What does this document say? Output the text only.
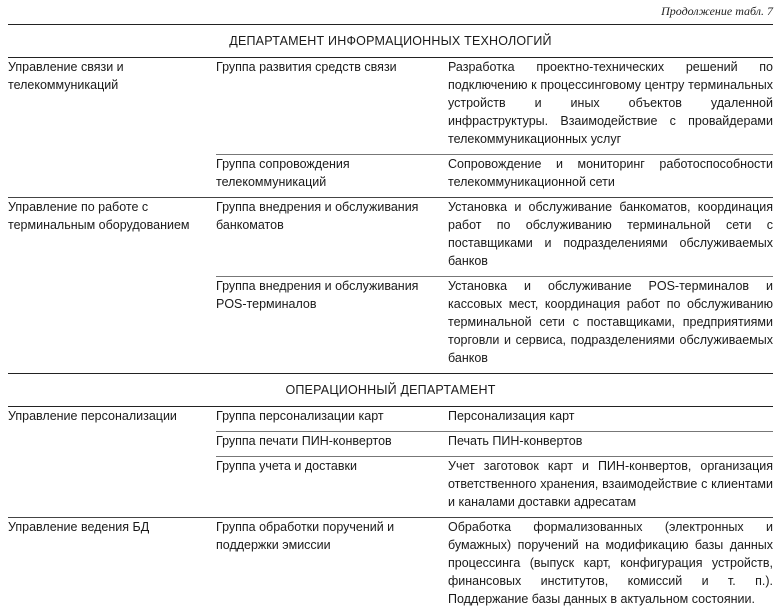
Продолжение табл. 7
ДЕПАРТАМЕНТ ИНФОРМАЦИОННЫХ ТЕХНОЛОГИЙ		
Управление связи и телекоммуникаций	Группа развития средств связи	Разработка проектно-технических решений по подключению к процессинговому центру терминальных устройств и иных объектов удаленной инфраструктуры. Взаимодействие с провайдерами телекоммуникационных услуг
	Группа сопровождения телекоммуникаций	Сопровождение и мониторинг работоспособности телекоммуникационной сети
Управление по работе с терминальным оборудованием	Группа внедрения и обслуживания банкоматов	Установка и обслуживание банкоматов, координация работ по обслуживанию терминальной сети с поставщиками и подразделениями обслуживаемых банков
	Группа внедрения и обслуживания POS-терминалов	Установка и обслуживание POS-терминалов и кассовых мест, координация работ по обслуживанию терминальной сети с поставщиками, предприятиями торговли и сервиса, подразделениями обслуживаемых банков
ОПЕРАЦИОННЫЙ ДЕПАРТАМЕНТ		
Управление персонализации	Группа персонализации карт	Персонализация карт
	Группа печати ПИН-конвертов	Печать ПИН-конвертов
	Группа учета и доставки	Учет заготовок карт и ПИН-конвертов, организация ответственного хранения, взаимодействие с клиентами и каналами доставки адресатам
Управление ведения БД	Группа обработки поручений и поддержки эмиссии	Обработка формализованных (электронных и бумажных) поручений на модификацию базы данных процессинга (выпуск карт, конфигурация устройств, финансовых институтов, комиссий и т. п.). Поддержание базы данных в актуальном состоянии.
